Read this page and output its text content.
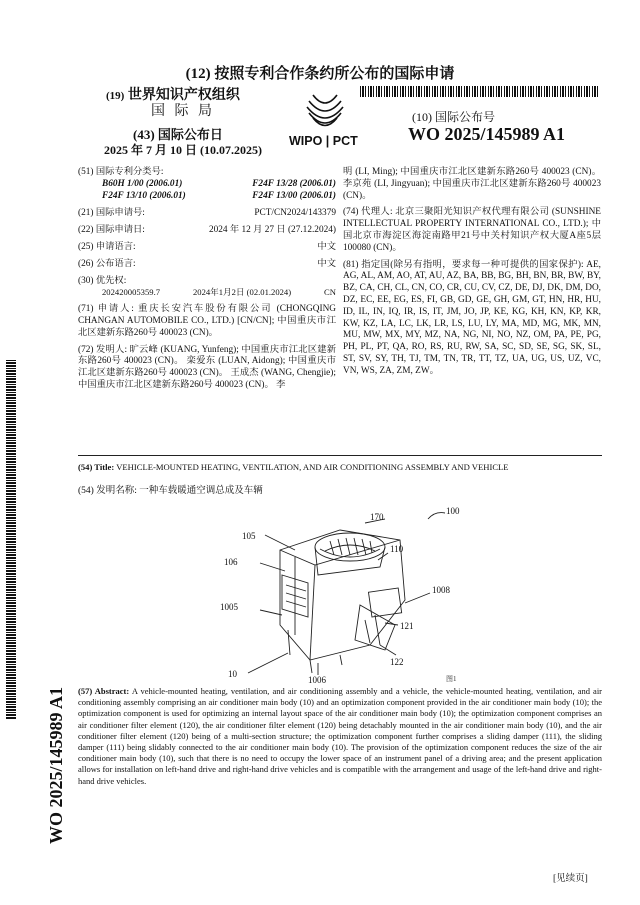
(12) 按照专利合作条约所公布的国际申请
(19) 世界知识产权组织
国 际 局
(43) 国际公布日
2025 年 7 月 10 日 (10.07.2025)
WIPO | PCT
(10) 国际公布号
WO 2025/145989 A1
(51) 国际专利分类号:
B60H 1/00 (2006.01)	F24F 13/28 (2006.01)
F24F 13/10 (2006.01)	F24F 13/00 (2006.01)
(21) 国际申请号:	PCT/CN2024/143379
(22) 国际申请日:	2024 年 12 月 27 日 (27.12.2024)
(25) 申请语言:	中文
(26) 公布语言:	中文
(30) 优先权:
202420005359.7	2024年1月2日 (02.01.2024)	CN
(71) 申请人: 重庆长安汽车股份有限公司 (CHONGQING CHANGAN AUTOMOBILE CO., LTD.) [CN/CN]; 中国重庆市江北区建新东路260号 400023 (CN)。
(72) 发明人: 旷云峰 (KUANG, Yunfeng); 中国重庆市江北区建新东路260号 400023 (CN)。 栾爱东 (LUAN, Aidong); 中国重庆市江北区建新东路260号 400023 (CN)。 王成杰 (WANG, Chengjie); 中国重庆市江北区建新东路260号 400023 (CN)。 李
明 (LI, Ming); 中国重庆市江北区建新东路260号 400023 (CN)。 李京苑 (LI, Jingyuan); 中国重庆市江北区建新东路260号 400023 (CN)。
(74) 代理人: 北京三聚阳光知识产权代理有限公司 (SUNSHINE INTELLECTUAL PROPERTY INTERNATIONAL CO., LTD.); 中国北京市海淀区海淀南路甲21号中关村知识产权大厦A座5层 100080 (CN)。
(81) 指定国(除另有指明，要求每一种可提供的国家保护): AE, AG, AL, AM, AO, AT, AU, AZ, BA, BB, BG, BH, BN, BR, BW, BY, BZ, CA, CH, CL, CN, CO, CR, CU, CV, CZ, DE, DJ, DK, DM, DO, DZ, EC, EE, EG, ES, FI, GB, GD, GE, GH, GM, GT, HN, HR, HU, ID, IL, IN, IQ, IR, IS, IT, JM, JO, JP, KE, KG, KH, KN, KP, KR, KW, KZ, LA, LC, LK, LR, LS, LU, LY, MA, MD, MG, MK, MN, MU, MW, MX, MY, MZ, NA, NG, NI, NO, NZ, OM, PA, PE, PG, PH, PL, PT, QA, RO, RS, RU, RW, SA, SC, SD, SE, SG, SK, SL, ST, SV, SY, TH, TJ, TM, TN, TR, TT, TZ, UA, UG, US, UZ, VC, VN, WS, ZA, ZM, ZW。
(54) Title: VEHICLE-MOUNTED HEATING, VENTILATION, AND AIR CONDITIONING ASSEMBLY AND VEHICLE
(54) 发明名称: 一种车载暖通空调总成及车辆
100
170
105
106
110
1008
1005
121
122
10
1006	图1
(57) Abstract: A vehicle-mounted heating, ventilation, and air conditioning assembly and a vehicle, the vehicle-mounted heating, ventilation, and air conditioning assembly comprising an air conditioner main body (10) and an optimization component provided in the air conditioner main body (10); the optimization component is used for optimizing an internal layout space of the air conditioner main body (10); the optimization component comprises an air conditioner filter element (120), the air conditioner filter element (120) being detachably mounted in the air conditioner main body (10), and the air conditioner filter element (120) being of a multi-section structure; the optimization component further comprises a sliding damper (111), the sliding damper (111) being slidably connected to the air conditioner main body (10). The provision of the optimization component reduces the size of the air conditioner main body (10), such that there is no need to occupy the lower space of an instrument panel of a driving area; and the present application allows for installation on left-hand drive and right-hand drive vehicles and is compatible with the arrangement and usage of the left-hand drive and right-hand drive vehicles.
WO 2025/145989 A1
[见续页]
